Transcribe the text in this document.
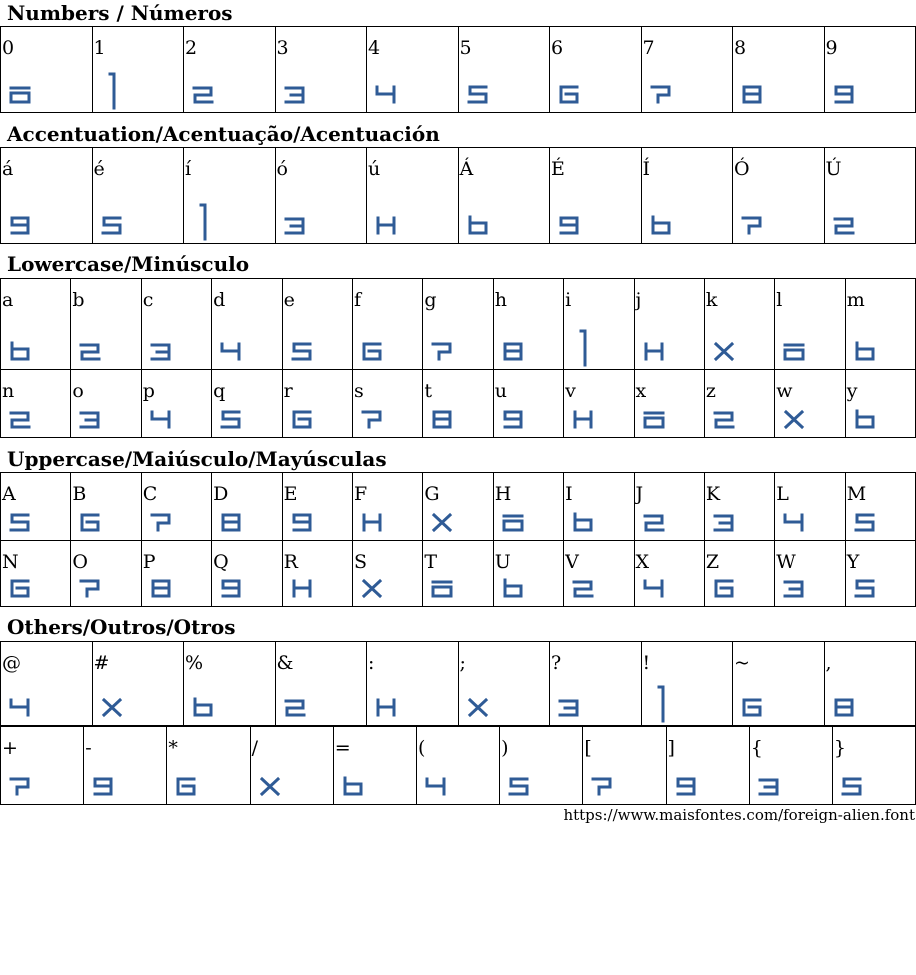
Numbers / Números
0	1	2	3	4	5	6	7	8	9
Accentuation/Acentuação/Acentuación
á	é	í	ó	ú	Á	É	Í	Ó	Ú
Lowercase/Minúsculo
a	b	c	d	e	f	g	h	i	j	k	l	m

n	o	p	q	r	s	t	u	v	x	z	w	y
Uppercase/Maiúsculo/Mayúsculas
A	B	C	D	E	F	G	H	I	J	K	L	M

N	O	P	Q	R	S	T	U	V	X	Z	W	Y
Others/Outros/Otros
@	#	%	&	:	;	?	!	~	,
+	-	*	/	=	(	)	[	]	{	}
https://www.maisfontes.com/foreign-alien.font
